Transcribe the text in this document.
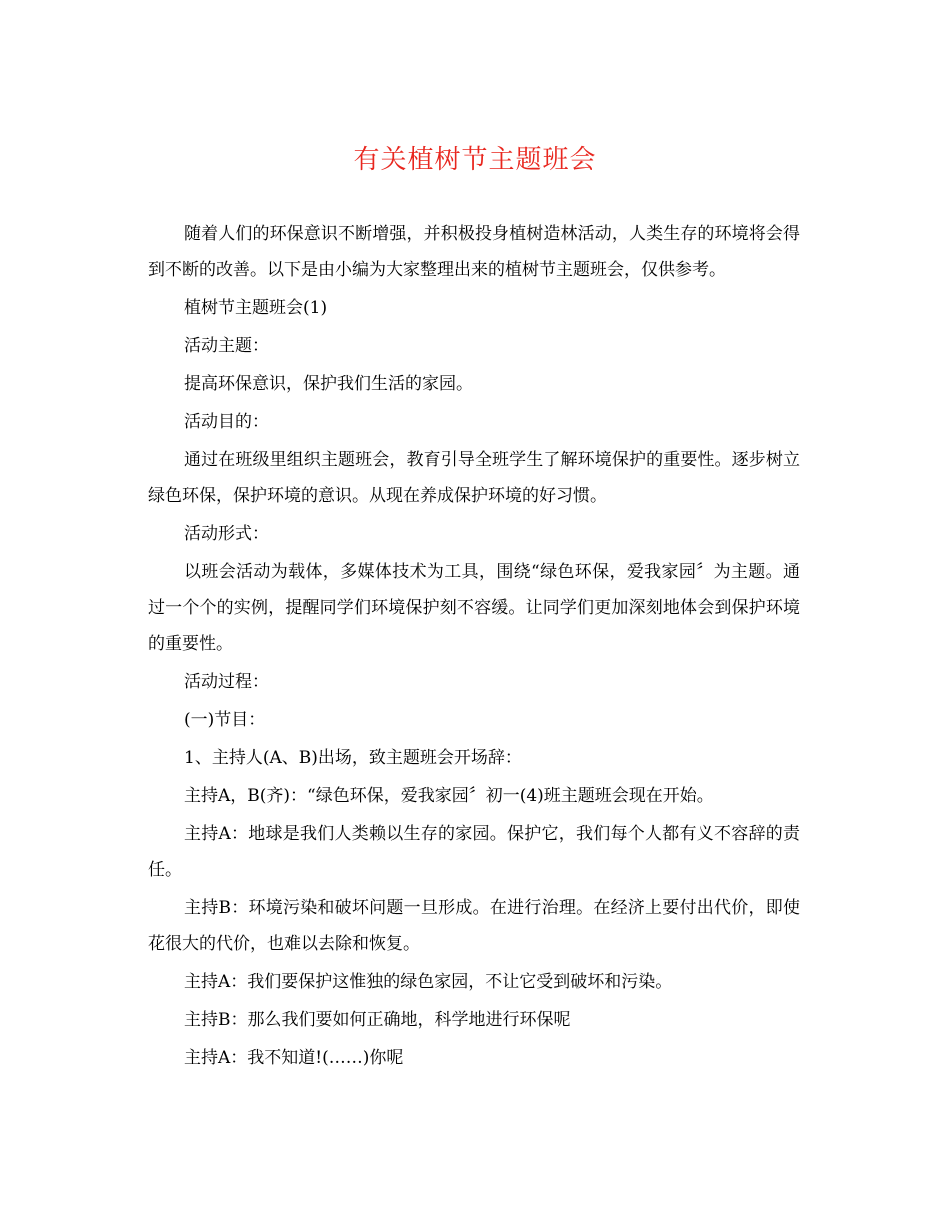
有关植树节主题班会

随着人们的环保意识不断增强，并积极投身植树造林活动，人类生存的环境将会得到不断的改善。以下是由小编为大家整理出来的植树节主题班会，仅供参考。

植树节主题班会(1)

活动主题：

提高环保意识，保护我们生活的家园。

活动目的：

通过在班级里组织主题班会，教育引导全班学生了解环境保护的重要性。逐步树立绿色环保，保护环境的意识。从现在养成保护环境的好习惯。

活动形式：

以班会活动为载体，多媒体技术为工具，围绕“绿色环保，爱我家园〞为主题。通过一个个的实例，提醒同学们环境保护刻不容缓。让同学们更加深刻地体会到保护环境的重要性。

活动过程：

(一)节目：

1、主持人(A、B)出场，致主题班会开场辞：

主持A，B(齐)：“绿色环保，爱我家园〞初一(4)班主题班会现在开始。

主持A：地球是我们人类赖以生存的家园。保护它，我们每个人都有义不容辞的责任。

主持B：环境污染和破坏问题一旦形成。在进行治理。在经济上要付出代价，即使花很大的代价，也难以去除和恢复。

主持A：我们要保护这惟独的绿色家园，不让它受到破坏和污染。

主持B：那么我们要如何正确地，科学地进行环保呢

主持A：我不知道!(……)你呢
